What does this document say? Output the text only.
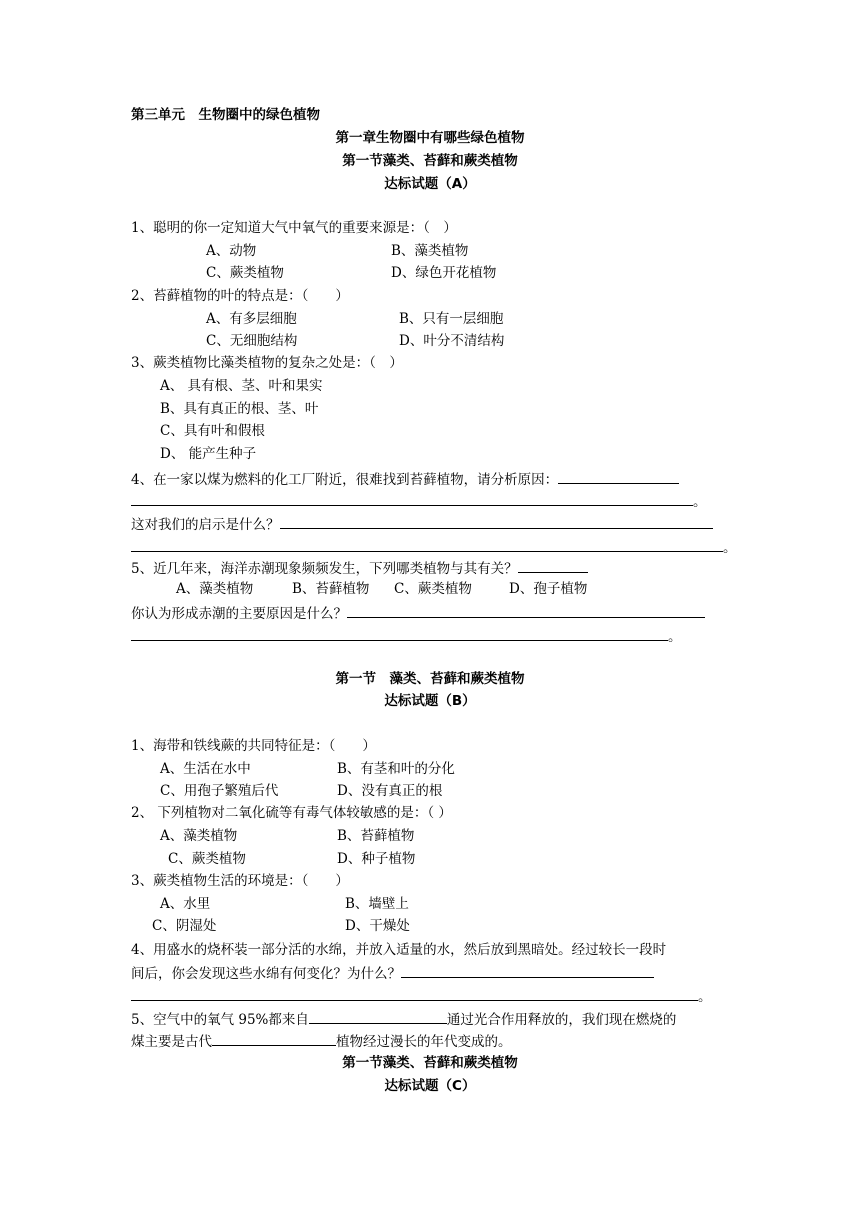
第三单元　生物圈中的绿色植物
第一章生物圈中有哪些绿色植物
第一节藻类、苔藓和蕨类植物
达标试题（A）
1、聪明的你一定知道大气中氧气的重要来源是：（　）
A、动物	B、藻类植物
C、蕨类植物	D、绿色开花植物
2、苔藓植物的叶的特点是：（　　）
A、有多层细胞	B、只有一层细胞
C、无细胞结构	D、叶分不清结构
3、蕨类植物比藻类植物的复杂之处是：（　）
A、 具有根、茎、叶和果实
B、具有真正的根、茎、叶
C、具有叶和假根
D、 能产生种子
4、在一家以煤为燃料的化工厂附近，很难找到苔藓植物，请分析原因：
。
这对我们的启示是什么？
。
5、近几年来，海洋赤潮现象频频发生，下列哪类植物与其有关？
A、藻类植物	B、苔藓植物 C、蕨类植物	D、孢子植物
你认为形成赤潮的主要原因是什么？
。
第一节　藻类、苔藓和蕨类植物
达标试题（B）
1、海带和铁线蕨的共同特征是：（　　）
A、生活在水中	B、有茎和叶的分化
C、用孢子繁殖后代	D、没有真正的根
2、 下列植物对二氧化硫等有毒气体较敏感的是：（ ）
A、藻类植物	B、苔藓植物
C、蕨类植物	D、种子植物
3、蕨类植物生活的环境是：（　　）
A、水里	B、墙壁上
C、阴湿处	D、干燥处
4、用盛水的烧杯装一部分活的水绵，并放入适量的水，然后放到黑暗处。经过较长一段时
间后，你会发现这些水绵有何变化？为什么？
。
5、空气中的氧气 95%都来自	通过光合作用释放的，我们现在燃烧的
煤主要是古代	植物经过漫长的年代变成的。
第一节藻类、苔藓和蕨类植物
达标试题（C）
